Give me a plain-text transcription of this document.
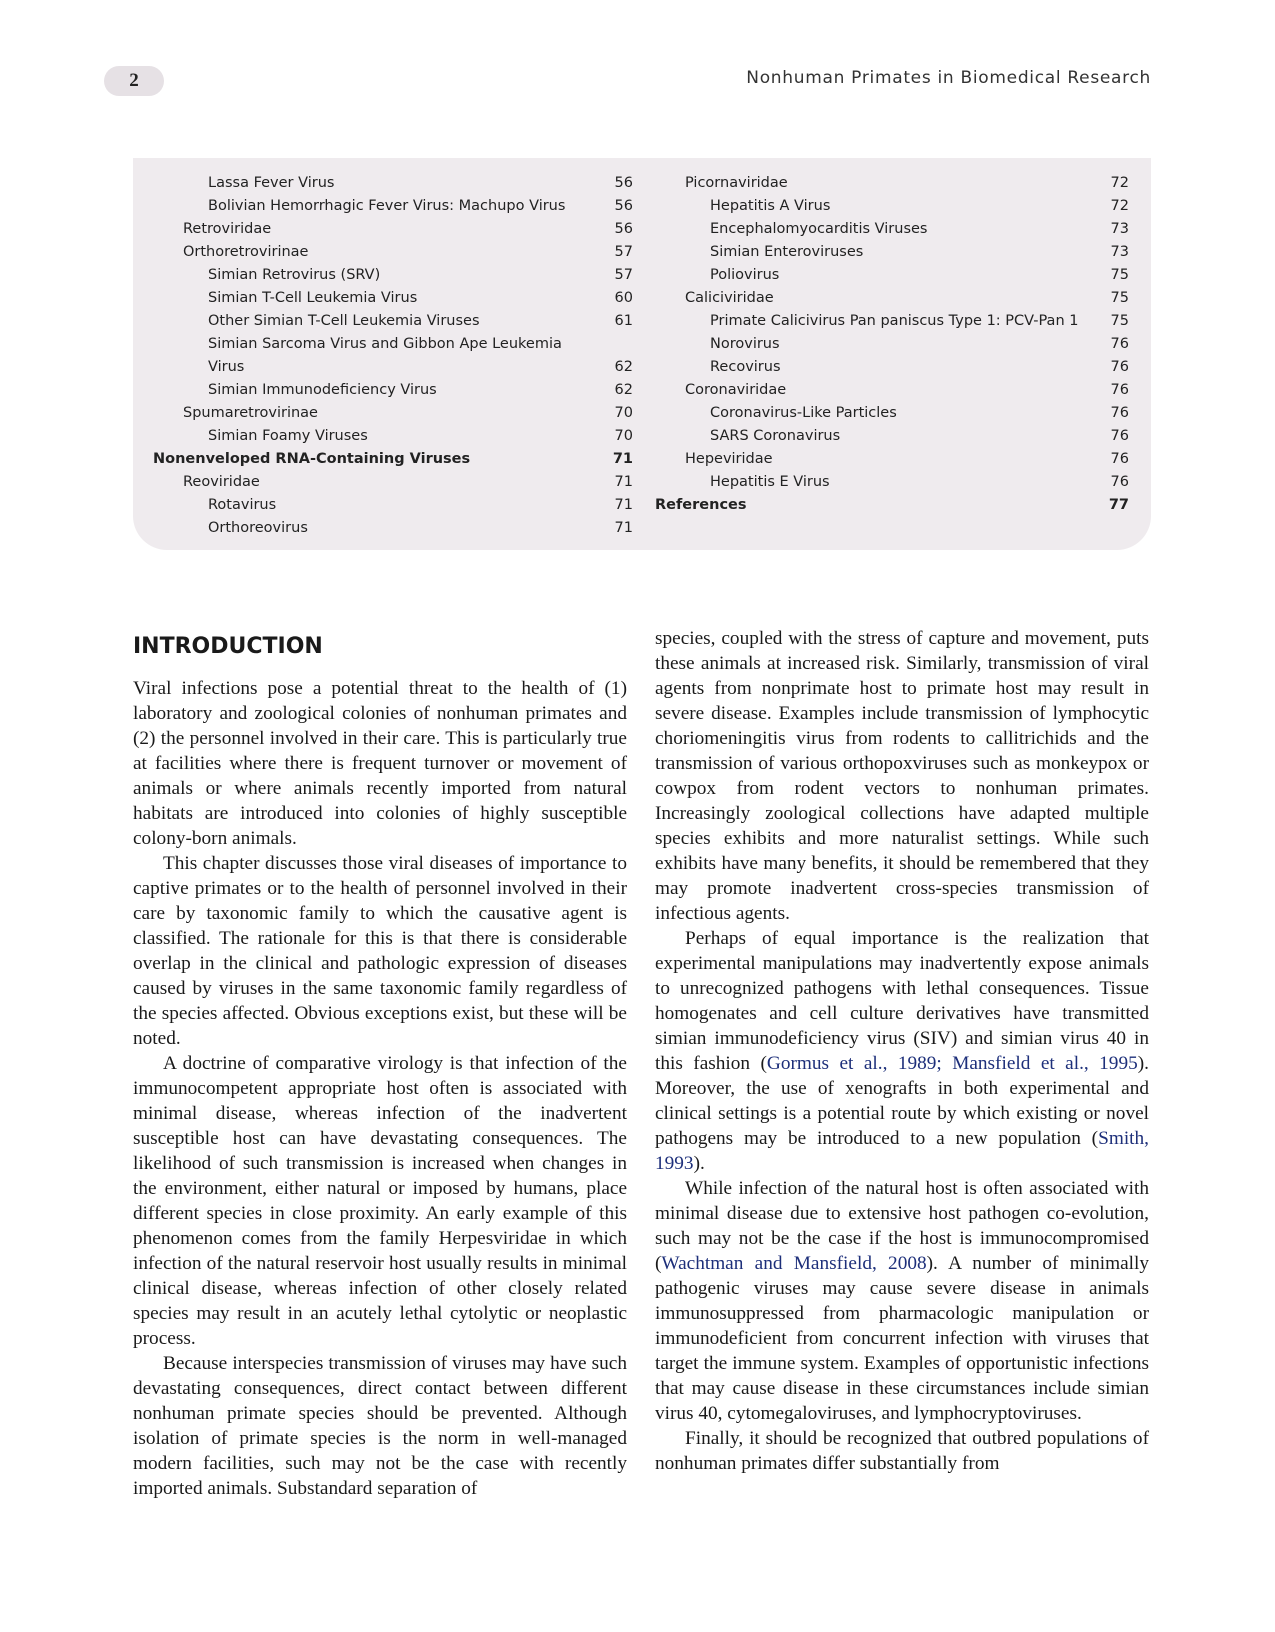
2	Nonhuman Primates in Biomedical Research
Lassa Fever Virus	56
Bolivian Hemorrhagic Fever Virus: Machupo Virus	56
Retroviridae	56
Orthoretrovirinae	57
Simian Retrovirus (SRV)	57
Simian T-Cell Leukemia Virus	60
Other Simian T-Cell Leukemia Viruses	61
Simian Sarcoma Virus and Gibbon Ape Leukemia
Virus	62
Simian Immunodeficiency Virus	62
Spumaretrovirinae	70
Simian Foamy Viruses	70
Nonenveloped RNA-Containing Viruses	71
Reoviridae	71
Rotavirus	71
Orthoreovirus	71
Picornaviridae	72
Hepatitis A Virus	72
Encephalomyocarditis Viruses	73
Simian Enteroviruses	73
Poliovirus	75
Caliciviridae	75
Primate Calicivirus Pan paniscus Type 1: PCV-Pan 1 75
Norovirus	76
Recovirus	76
Coronaviridae	76
Coronavirus-Like Particles	76
SARS Coronavirus	76
Hepeviridae	76
Hepatitis E Virus	76
References	77
INTRODUCTION

Viral infections pose a potential threat to the health of (1) laboratory and zoological colonies of nonhuman primates and (2) the personnel involved in their care. This is particularly true at facilities where there is frequent turnover or movement of animals or where animals recently imported from natural habitats are introduced into colonies of highly susceptible colony-born animals.

This chapter discusses those viral diseases of importance to captive primates or to the health of personnel involved in their care by taxonomic family to which the causative agent is classified. The rationale for this is that there is considerable overlap in the clinical and pathologic expression of diseases caused by viruses in the same taxonomic family regardless of the species affected. Obvious exceptions exist, but these will be noted.

A doctrine of comparative virology is that infection of the immunocompetent appropriate host often is associated with minimal disease, whereas infection of the inadvertent susceptible host can have devastating consequences. The likelihood of such transmission is increased when changes in the environment, either natural or imposed by humans, place different species in close proximity. An early example of this phenomenon comes from the family Herpesviridae in which infection of the natural reservoir host usually results in minimal clinical disease, whereas infection of other closely related species may result in an acutely lethal cytolytic or neoplastic process.

Because interspecies transmission of viruses may have such devastating consequences, direct contact between different nonhuman primate species should be prevented. Although isolation of primate species is the norm in well-managed modern facilities, such may not be the case with recently imported animals. Substandard separation of

species, coupled with the stress of capture and movement, puts these animals at increased risk. Similarly, transmission of viral agents from nonprimate host to primate host may result in severe disease. Examples include transmission of lymphocytic choriomeningitis virus from rodents to callitrichids and the transmission of various orthopoxviruses such as monkeypox or cowpox from rodent vectors to nonhuman primates. Increasingly zoological collections have adapted multiple species exhibits and more naturalist settings. While such exhibits have many benefits, it should be remembered that they may promote inadvertent cross-species transmission of infectious agents.

Perhaps of equal importance is the realization that experimental manipulations may inadvertently expose animals to unrecognized pathogens with lethal consequences. Tissue homogenates and cell culture derivatives have transmitted simian immunodeficiency virus (SIV) and simian virus 40 in this fashion (Gormus et al., 1989; Mansfield et al., 1995). Moreover, the use of xenografts in both experimental and clinical settings is a potential route by which existing or novel pathogens may be introduced to a new population (Smith, 1993).

While infection of the natural host is often associated with minimal disease due to extensive host pathogen co-evolution, such may not be the case if the host is immunocompromised (Wachtman and Mansfield, 2008). A number of minimally pathogenic viruses may cause severe disease in animals immunosuppressed from pharmacologic manipulation or immunodeficient from concurrent infection with viruses that target the immune system. Examples of opportunistic infections that may cause disease in these circumstances include simian virus 40, cytomegaloviruses, and lymphocryptoviruses.

Finally, it should be recognized that outbred populations of nonhuman primates differ substantially from
